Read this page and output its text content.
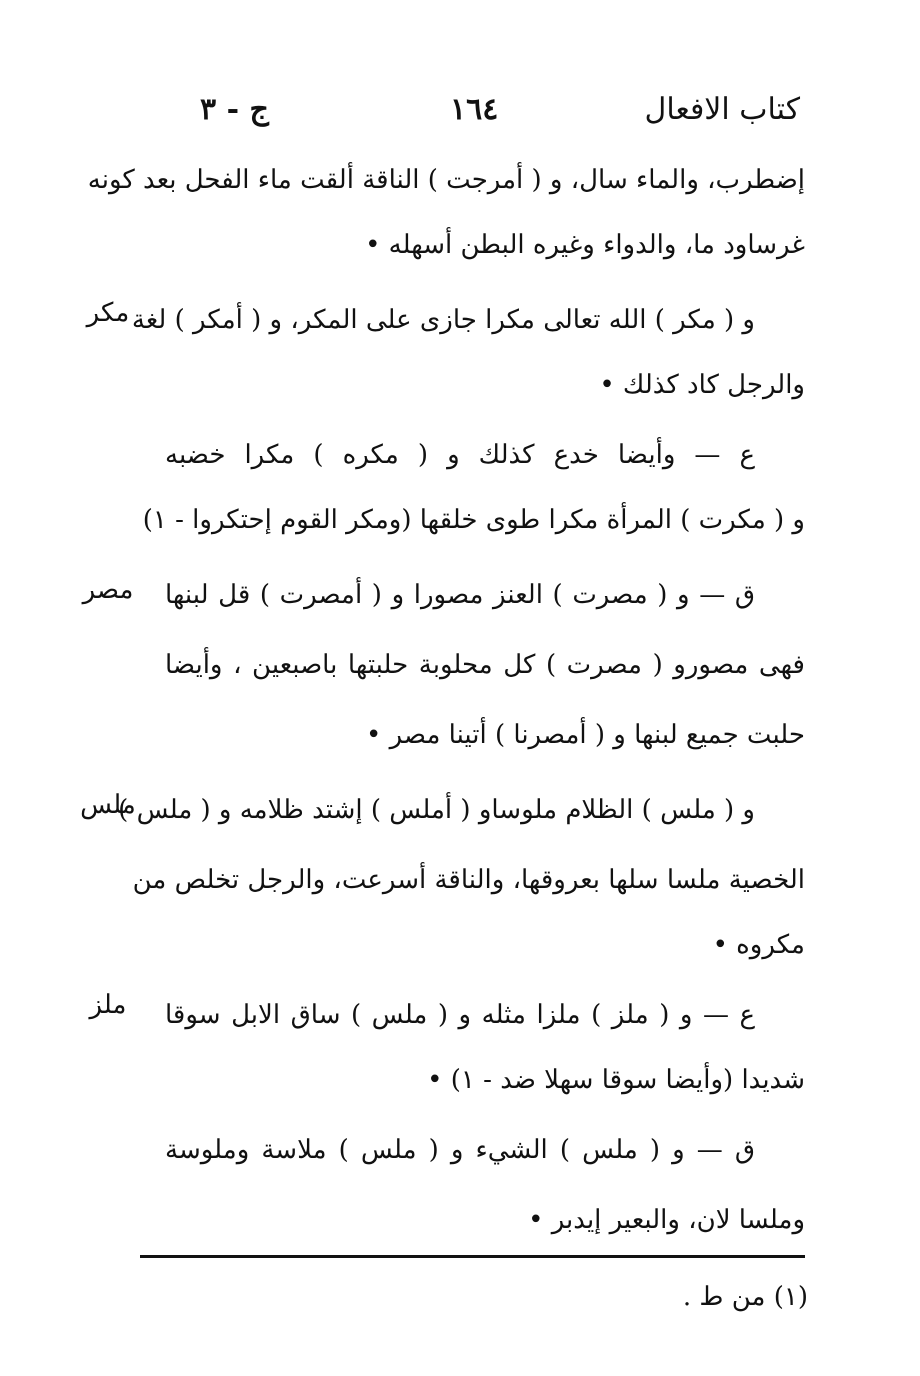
كتاب الافعال
١٦٤
ج - ٣
مكر
مصر
ملس
ملز
إضطرب، والماء سال، و ( أمرجت ) الناقة ألقت ماء الفحل بعد كونه
غرساود ما، والدواء وغيره البطن أسهله •
و ( مكر ) الله تعالى مكرا جازى على المكر، و ( أمكر ) لغة
والرجل كاد كذلك •
ع — وأيضا خدع كذلك و ( مكره ) مكرا خضبه
و ( مكرت ) المرأة مكرا طوى خلقها (ومكر القوم إحتكروا - ١)
ق — و ( مصرت ) العنز مصورا و ( أمصرت ) قل لبنها
فهى مصورو ( مصرت ) كل محلوبة حلبتها باصبعين ، وأيضا
حلبت جميع لبنها و ( أمصرنا ) أتينا مصر •
و ( ملس ) الظلام ملوساو ( أملس ) إشتد ظلامه و ( ملس )
الخصية ملسا سلها بعروقها، والناقة أسرعت، والرجل تخلص من
مكروه •
ع — و ( ملز ) ملزا مثله و ( ملس ) ساق الابل سوقا
شديدا (وأيضا سوقا سهلا ضد - ١) •
ق — و ( ملس ) الشيء و ( ملس ) ملاسة وملوسة
وملسا لان، والبعير إيدبر •
(١) من ط .
